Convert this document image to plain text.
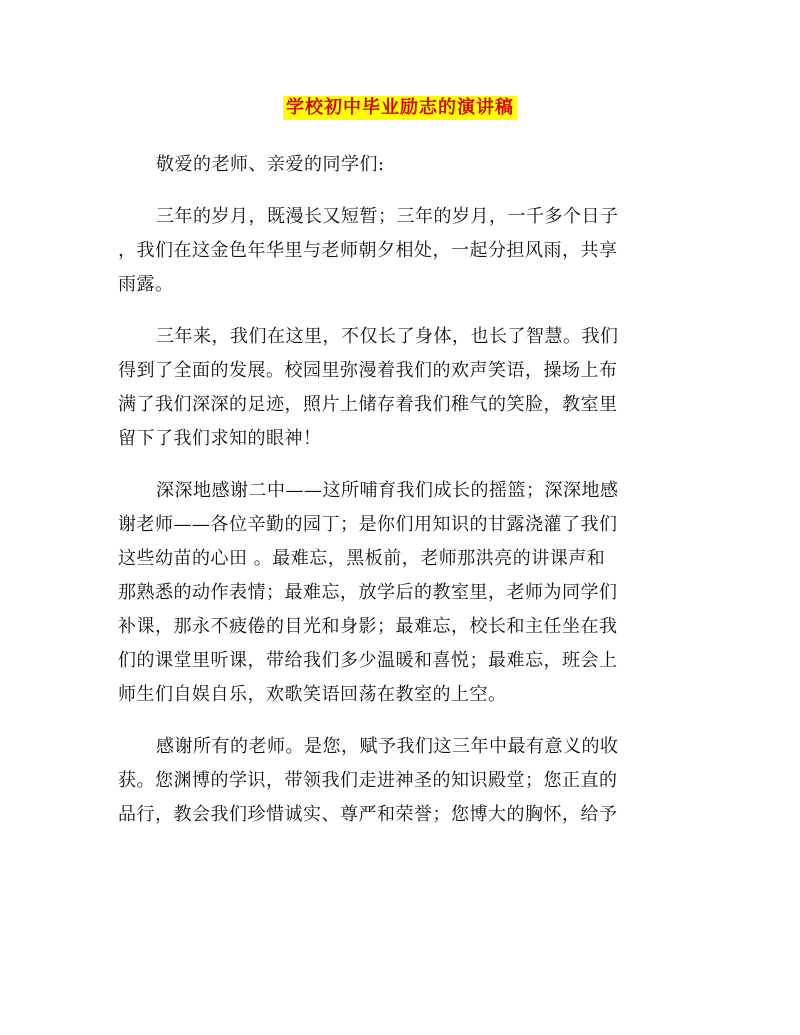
学校初中毕业励志的演讲稿
敬爱的老师、亲爱的同学们:
三年的岁月，既漫长又短暂；三年的岁月，一千多个日子
，我们在这金色年华里与老师朝夕相处，一起分担风雨，共享
雨露。
三年来，我们在这里，不仅长了身体，也长了智慧。我们
得到了全面的发展。校园里弥漫着我们的欢声笑语，操场上布
满了我们深深的足迹，照片上储存着我们稚气的笑脸，教室里
留下了我们求知的眼神！
深深地感谢二中——这所哺育我们成长的摇篮；深深地感
谢老师——各位辛勤的园丁；是你们用知识的甘露浇灌了我们
这些幼苗的心田 。最难忘，黑板前，老师那洪亮的讲课声和
那熟悉的动作表情；最难忘，放学后的教室里，老师为同学们
补课，那永不疲倦的目光和身影；最难忘，校长和主任坐在我
们的课堂里听课，带给我们多少温暖和喜悦；最难忘，班会上
师生们自娱自乐，欢歌笑语回荡在教室的上空。
感谢所有的老师。是您，赋予我们这三年中最有意义的收
获。您渊博的学识，带领我们走进神圣的知识殿堂；您正直的
品行，教会我们珍惜诚实、尊严和荣誉；您博大的胸怀，给予
